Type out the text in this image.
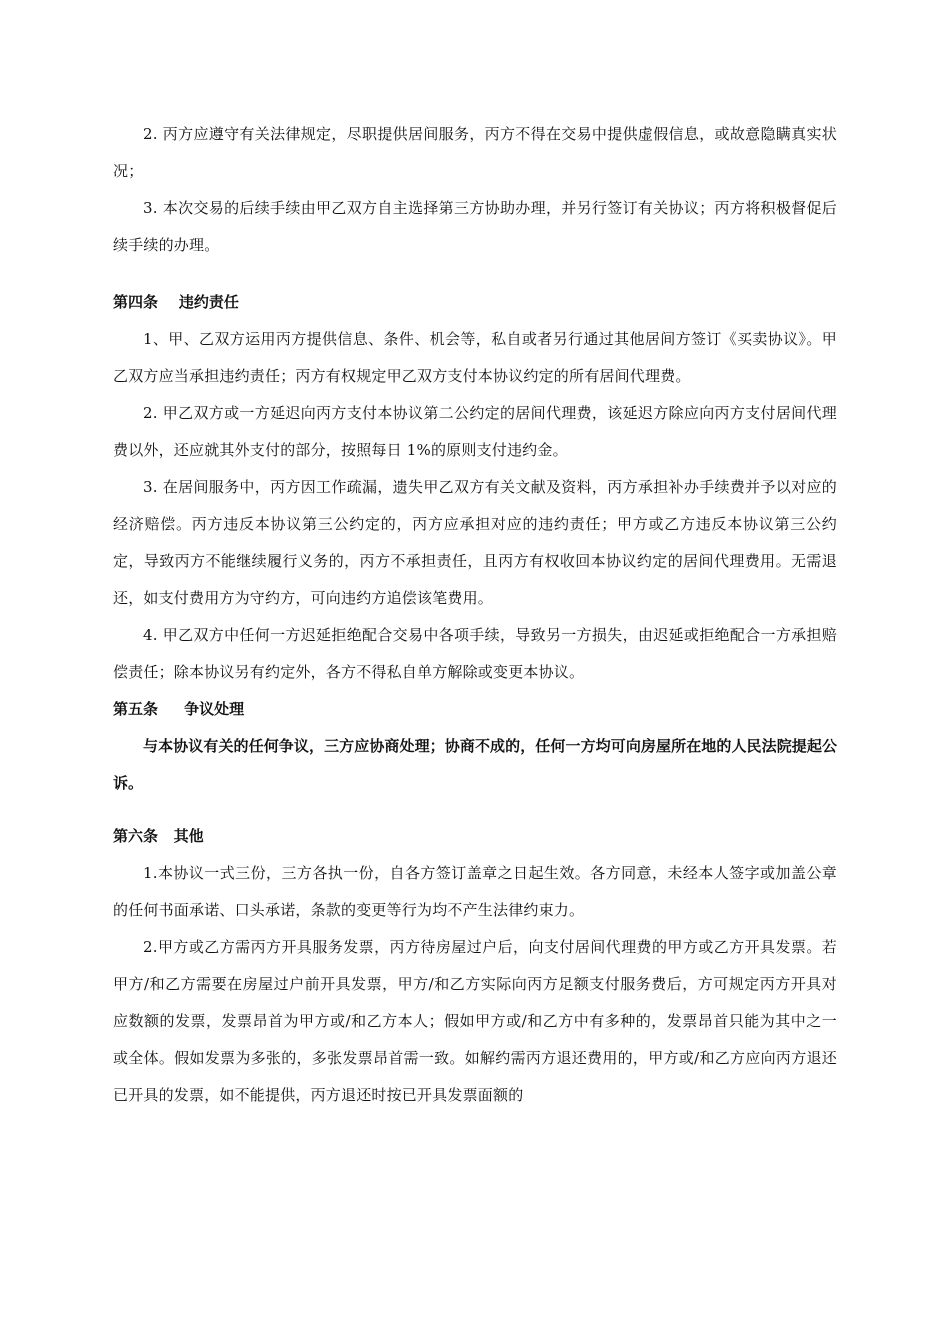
2. 丙方应遵守有关法律规定，尽职提供居间服务，丙方不得在交易中提供虚假信息，或故意隐瞒真实状况；

3. 本次交易的后续手续由甲乙双方自主选择第三方协助办理，并另行签订有关协议；丙方将积极督促后续手续的办理。

第四条    违约责任

1、甲、乙双方运用丙方提供信息、条件、机会等，私自或者另行通过其他居间方签订《买卖协议》。甲乙双方应当承担违约责任；丙方有权规定甲乙双方支付本协议约定的所有居间代理费。

2. 甲乙双方或一方延迟向丙方支付本协议第二公约定的居间代理费，该延迟方除应向丙方支付居间代理费以外，还应就其外支付的部分，按照每日 1%的原则支付违约金。

3. 在居间服务中，丙方因工作疏漏，遗失甲乙双方有关文献及资料，丙方承担补办手续费并予以对应的经济赔偿。丙方违反本协议第三公约定的，丙方应承担对应的违约责任；甲方或乙方违反本协议第三公约定，导致丙方不能继续履行义务的，丙方不承担责任，且丙方有权收回本协议约定的居间代理费用。无需退还，如支付费用方为守约方，可向违约方追偿该笔费用。

4. 甲乙双方中任何一方迟延拒绝配合交易中各项手续，导致另一方损失，由迟延或拒绝配合一方承担赔偿责任；除本协议另有约定外，各方不得私自单方解除或变更本协议。

第五条     争议处理

与本协议有关的任何争议，三方应协商处理；协商不成的，任何一方均可向房屋所在地的人民法院提起公诉。

第六条   其他

1.本协议一式三份，三方各执一份，自各方签订盖章之日起生效。各方同意，未经本人签字或加盖公章的任何书面承诺、口头承诺，条款的变更等行为均不产生法律约束力。

2.甲方或乙方需丙方开具服务发票，丙方待房屋过户后，向支付居间代理费的甲方或乙方开具发票。若甲方/和乙方需要在房屋过户前开具发票，甲方/和乙方实际向丙方足额支付服务费后，方可规定丙方开具对应数额的发票，发票昂首为甲方或/和乙方本人；假如甲方或/和乙方中有多种的，发票昂首只能为其中之一或全体。假如发票为多张的，多张发票昂首需一致。如解约需丙方退还费用的，甲方或/和乙方应向丙方退还已开具的发票，如不能提供，丙方退还时按已开具发票面额的
